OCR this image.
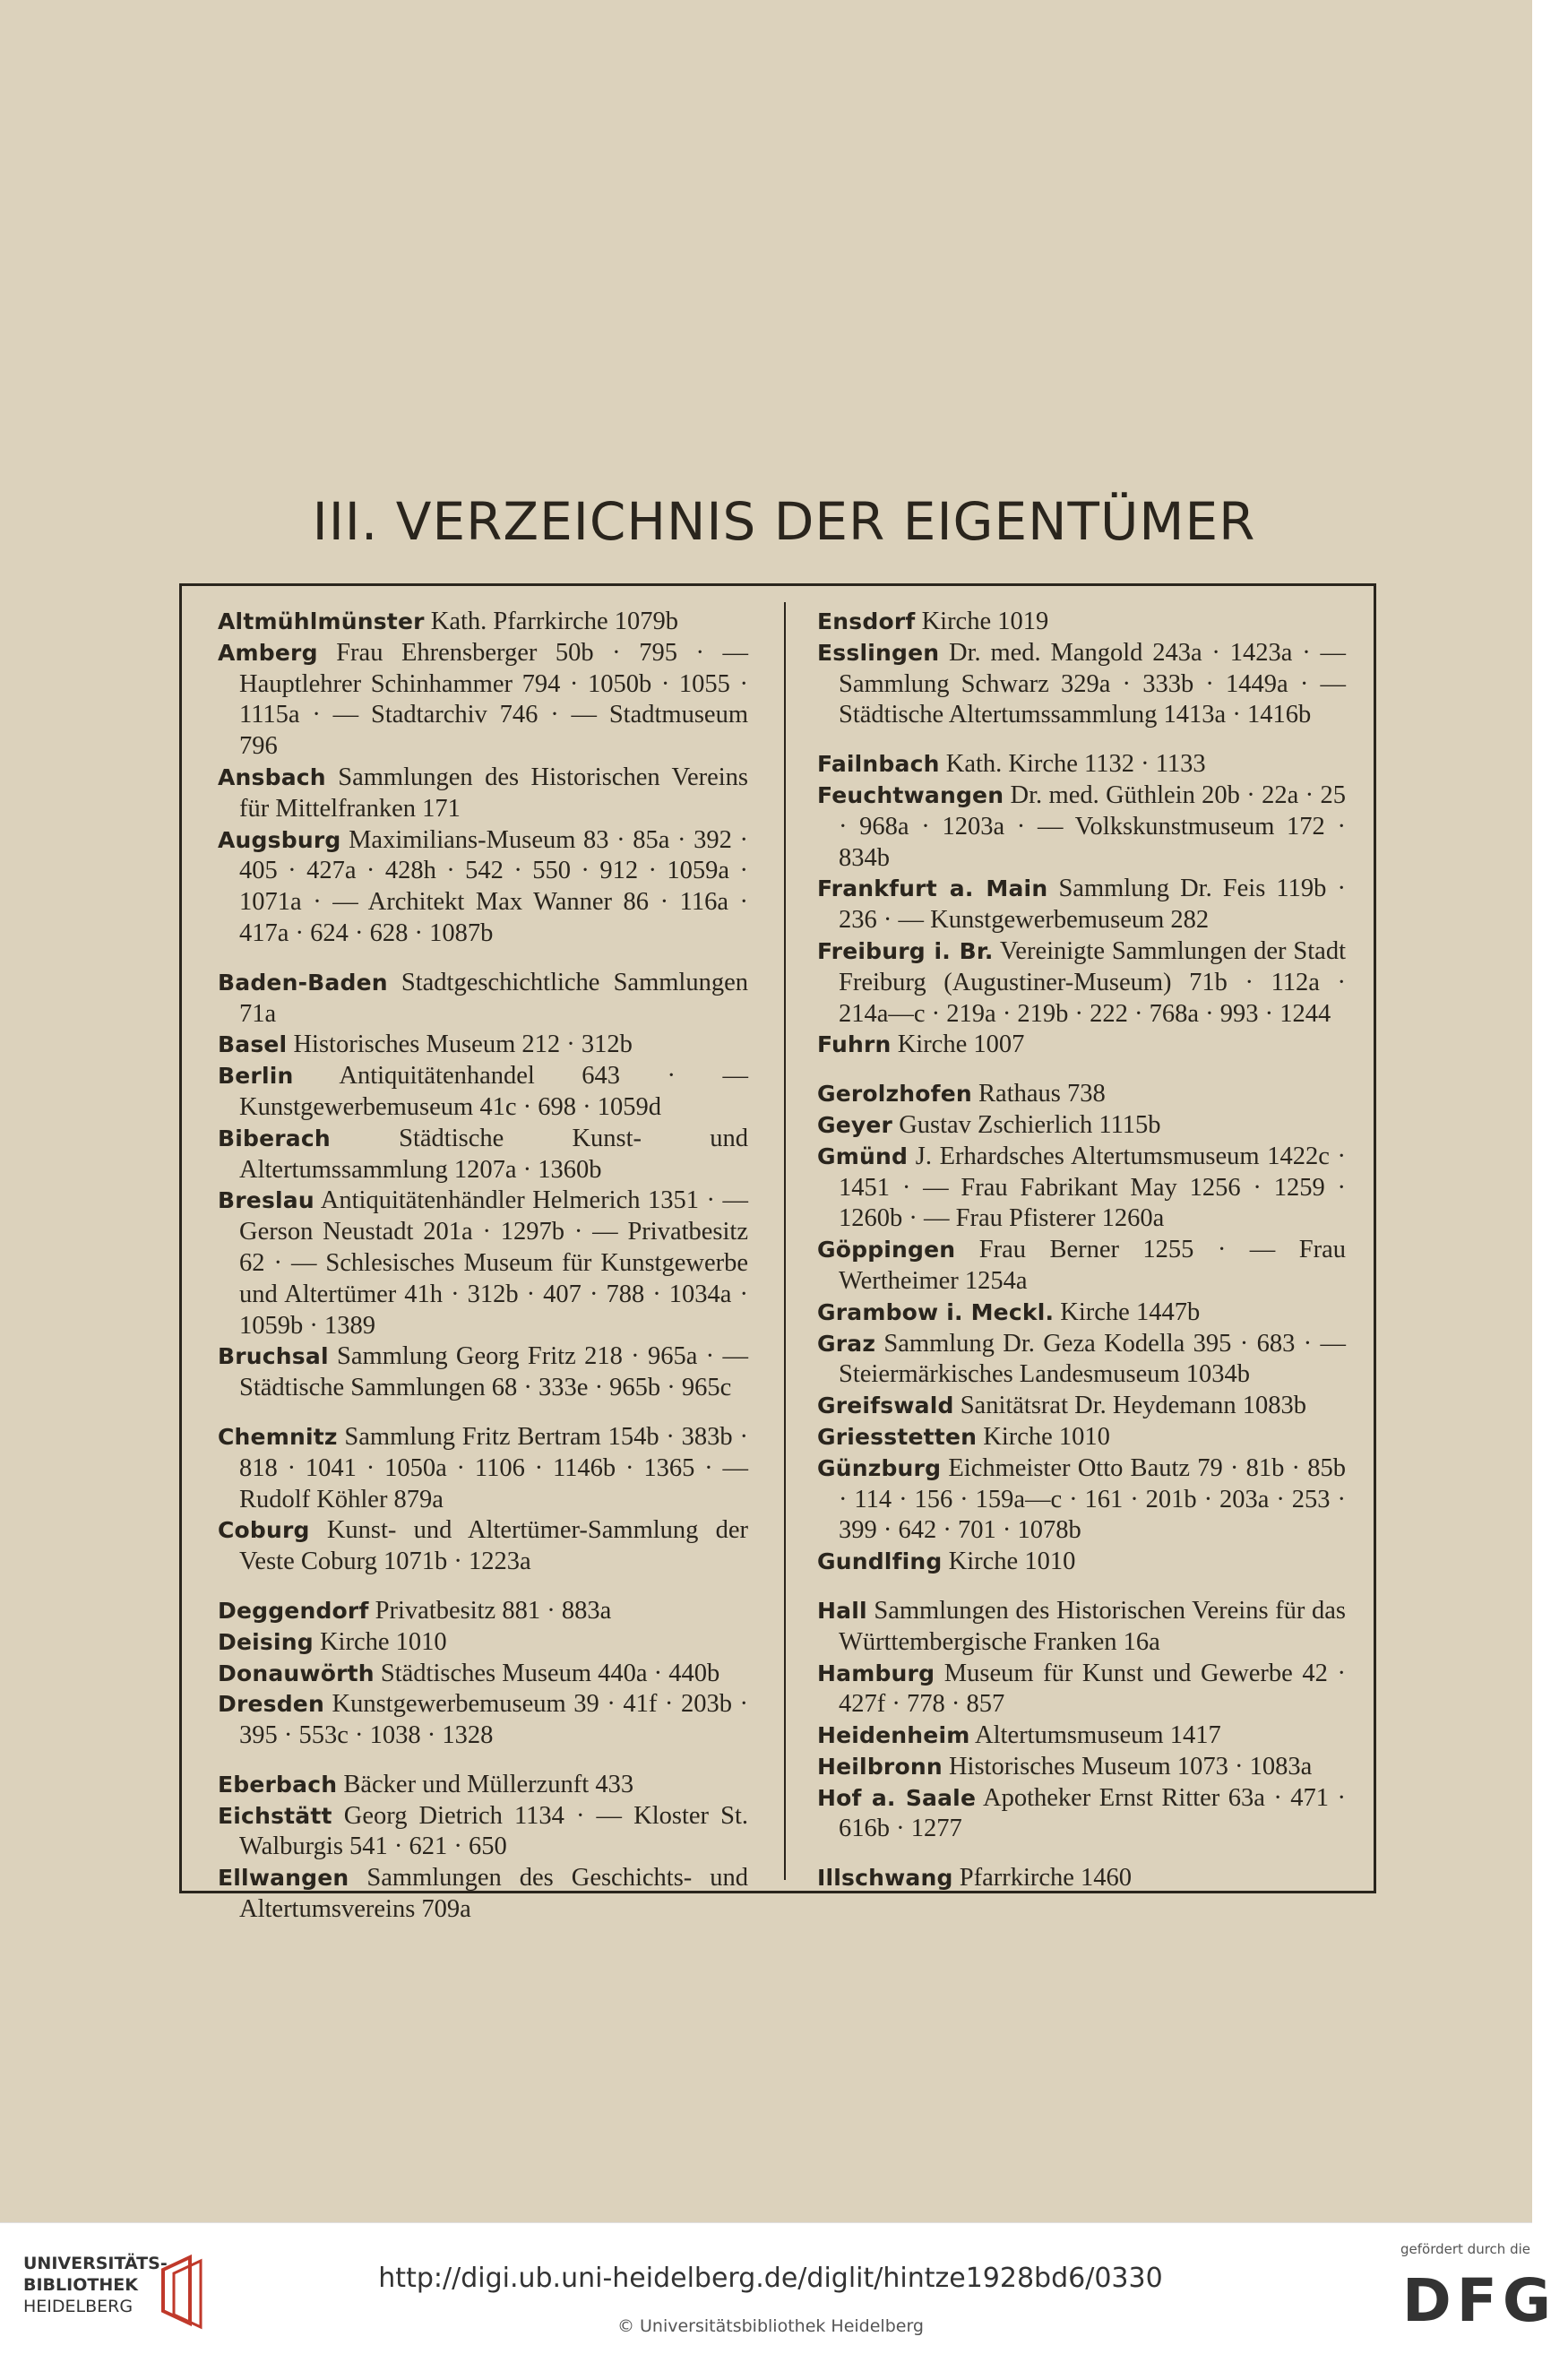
III. VERZEICHNIS DER EIGENTÜMER
Altmühlmünster Kath. Pfarrkirche 1079b
Amberg Frau Ehrensberger 50b · 795 · — Hauptlehrer Schinhammer 794 · 1050b · 1055 · 1115a · — Stadtarchiv 746 · — Stadtmuseum 796
Ansbach Sammlungen des Historischen Vereins für Mittelfranken 171
Augsburg Maximilians-Museum 83 · 85a · 392 · 405 · 427a · 428h · 542 · 550 · 912 · 1059a · 1071a · — Architekt Max Wanner 86 · 116a · 417a · 624 · 628 · 1087b
Baden-Baden Stadtgeschichtliche Sammlungen 71a
Basel Historisches Museum 212 · 312b
Berlin Antiquitätenhandel 643 · — Kunstgewerbemuseum 41c · 698 · 1059d
Biberach Städtische Kunst- und Altertumssammlung 1207a · 1360b
Breslau Antiquitätenhändler Helmerich 1351 · — Gerson Neustadt 201a · 1297b · — Privatbesitz 62 · — Schlesisches Museum für Kunstgewerbe und Altertümer 41h · 312b · 407 · 788 · 1034a · 1059b · 1389
Bruchsal Sammlung Georg Fritz 218 · 965a · — Städtische Sammlungen 68 · 333e · 965b · 965c
Chemnitz Sammlung Fritz Bertram 154b · 383b · 818 · 1041 · 1050a · 1106 · 1146b · 1365 · — Rudolf Köhler 879a
Coburg Kunst- und Altertümer-Sammlung der Veste Coburg 1071b · 1223a
Deggendorf Privatbesitz 881 · 883a
Deising Kirche 1010
Donauwörth Städtisches Museum 440a · 440b
Dresden Kunstgewerbemuseum 39 · 41f · 203b · 395 · 553c · 1038 · 1328
Eberbach Bäcker und Müllerzunft 433
Eichstätt Georg Dietrich 1134 · — Kloster St. Walburgis 541 · 621 · 650
Ellwangen Sammlungen des Geschichts- und Altertumsvereins 709a
Ensdorf Kirche 1019
Esslingen Dr. med. Mangold 243a · 1423a · — Sammlung Schwarz 329a · 333b · 1449a · — Städtische Altertumssammlung 1413a · 1416b
Failnbach Kath. Kirche 1132 · 1133
Feuchtwangen Dr. med. Güthlein 20b · 22a · 25 · 968a · 1203a · — Volkskunstmuseum 172 · 834b
Frankfurt a. Main Sammlung Dr. Feis 119b · 236 · — Kunstgewerbemuseum 282
Freiburg i. Br. Vereinigte Sammlungen der Stadt Freiburg (Augustiner-Museum) 71b · 112a · 214a—c · 219a · 219b · 222 · 768a · 993 · 1244
Fuhrn Kirche 1007
Gerolzhofen Rathaus 738
Geyer Gustav Zschierlich 1115b
Gmünd J. Erhardsches Altertumsmuseum 1422c · 1451 · — Frau Fabrikant May 1256 · 1259 · 1260b · — Frau Pfisterer 1260a
Göppingen Frau Berner 1255 · — Frau Wertheimer 1254a
Grambow i. Meckl. Kirche 1447b
Graz Sammlung Dr. Geza Kodella 395 · 683 · — Steiermärkisches Landesmuseum 1034b
Greifswald Sanitätsrat Dr. Heydemann 1083b
Griesstetten Kirche 1010
Günzburg Eichmeister Otto Bautz 79 · 81b · 85b · 114 · 156 · 159a—c · 161 · 201b · 203a · 253 · 399 · 642 · 701 · 1078b
Gundlfing Kirche 1010
Hall Sammlungen des Historischen Vereins für das Württembergische Franken 16a
Hamburg Museum für Kunst und Gewerbe 42 · 427f · 778 · 857
Heidenheim Altertumsmuseum 1417
Heilbronn Historisches Museum 1073 · 1083a
Hof a. Saale Apotheker Ernst Ritter 63a · 471 · 616b · 1277
Illschwang Pfarrkirche 1460
UNIVERSITÄTS-
BIBLIOTHEK
HEIDELBERG
http://digi.ub.uni-heidelberg.de/diglit/hintze1928bd6/0330
© Universitätsbibliothek Heidelberg
gefördert durch die
DFG
